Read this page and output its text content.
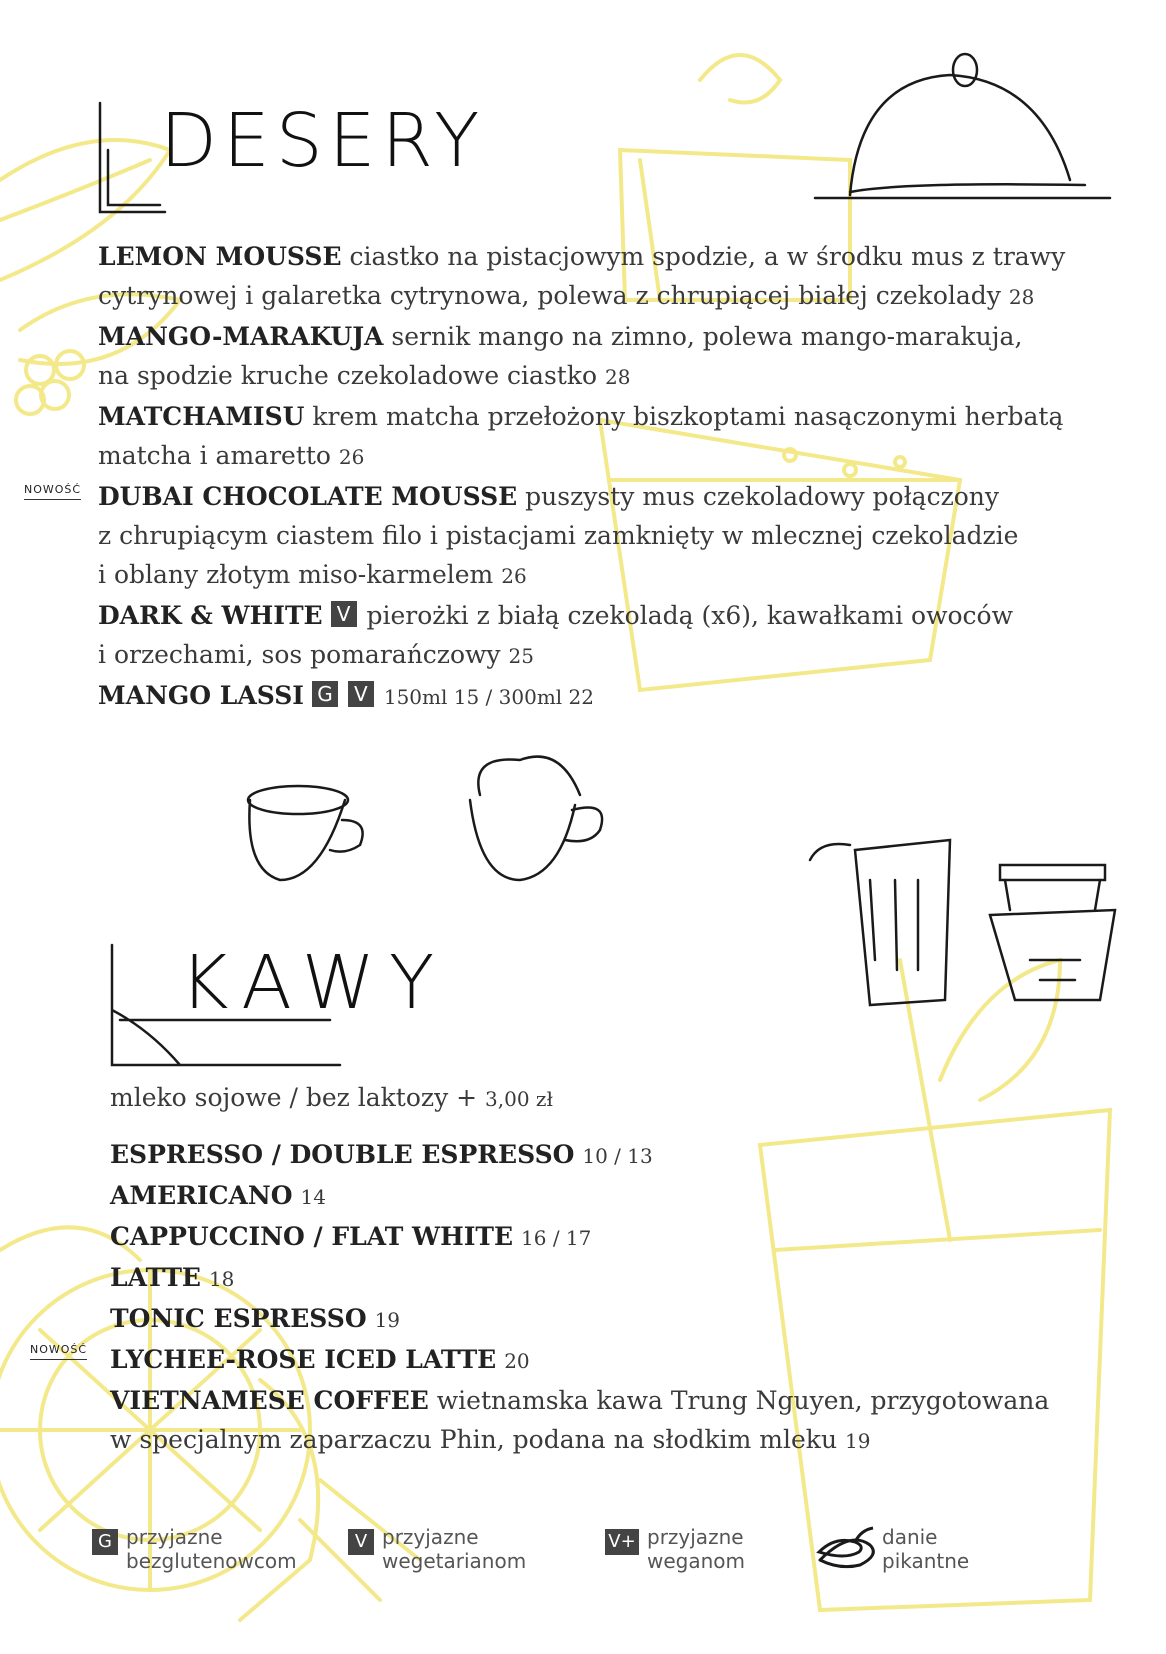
DESERY

LEMON MOUSSE ciastko na pistacjowym spodzie, a w środku mus z trawy

cytrynowej i galaretka cytrynowa, polewa z chrupiącej białej czekolady 28

MANGO-MARAKUJA sernik mango na zimno, polewa mango-marakuja,

na spodzie kruche czekoladowe ciastko 28

MATCHAMISU krem matcha przełożony biszkoptami nasączonymi herbatą

matcha i amaretto 26

DUBAI CHOCOLATE MOUSSE puszysty mus czekoladowy połączony

z chrupiącym ciastem filo i pistacjami zamknięty w mlecznej czekoladzie

i oblany złotym miso-karmelem 26

DARK & WHITE V pierożki z białą czekoladą (x6), kawałkami owoców

i orzechami, sos pomarańczowy 25

MANGO LASSI G V 150ml 15 / 300ml 22

NOWOŚĆ
KAWY
mleko sojowe / bez laktozy + 3,00 zł

ESPRESSO / DOUBLE ESPRESSO 10 / 13

AMERICANO 14

CAPPUCCINO / FLAT WHITE 16 / 17

LATTE 18

TONIC ESPRESSO 19

LYCHEE-ROSE ICED LATTE 20

VIETNAMESE COFFEE wietnamska kawa Trung Nguyen, przygotowana

w specjalnym zaparzaczu Phin, podana na słodkim mleku 19

NOWOŚĆ
G przyjazne
bezglutenowcom
V przyjazne
wegetarianom
V+ przyjazne
weganom
danie
pikantne
